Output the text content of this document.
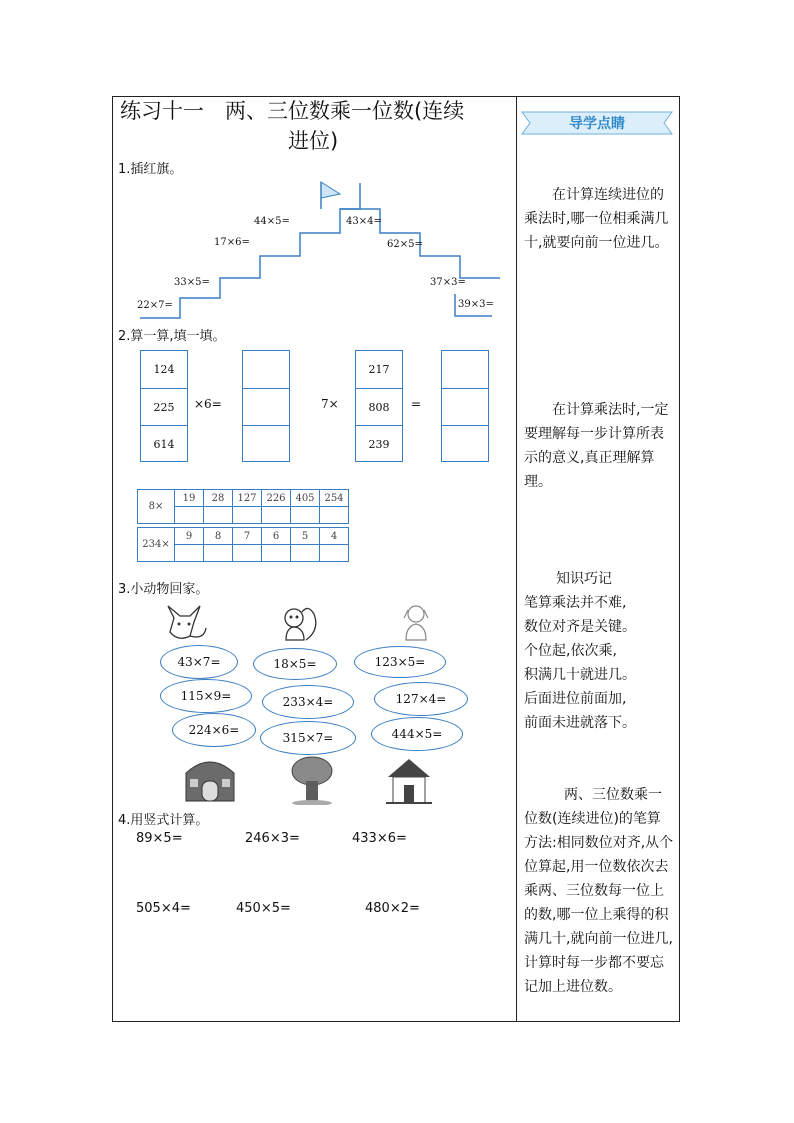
练习十一　两、三位数乘一位数(连续
进位)
导学点睛
1.插红旗。
22×7=
33×5=
17×6=
44×5=	43×4=
62×5=
37×3=
39×3=
2.算一算,填一填。
124
225
614
×6=	7×
217
808
239
=
8×	19	28	127	226	405	254

234×	9	8	7	6	5	4

3.小动物回家。
43×7=	18×5=	123×5=
115×9=	233×4=	127×4=
224×6=
315×7=	444×5=
4.用竖式计算。
89×5=	246×3=	433×6=
505×4=	450×5=	480×2=
在计算连续进位的乘法时,哪一位相乘满几十,就要向前一位进几。
在计算乘法时,一定要理解每一步计算所表示的意义,真正理解算理。
知识巧记
笔算乘法并不难,
数位对齐是关键。
个位起,依次乘,
积满几十就进几。
后面进位前面加,
前面未进就落下。
两、三位数乘一位数(连续进位)的笔算方法:相同数位对齐,从个位算起,用一位数依次去乘两、三位数每一位上的数,哪一位上乘得的积满几十,就向前一位进几,计算时每一步都不要忘记加上进位数。
